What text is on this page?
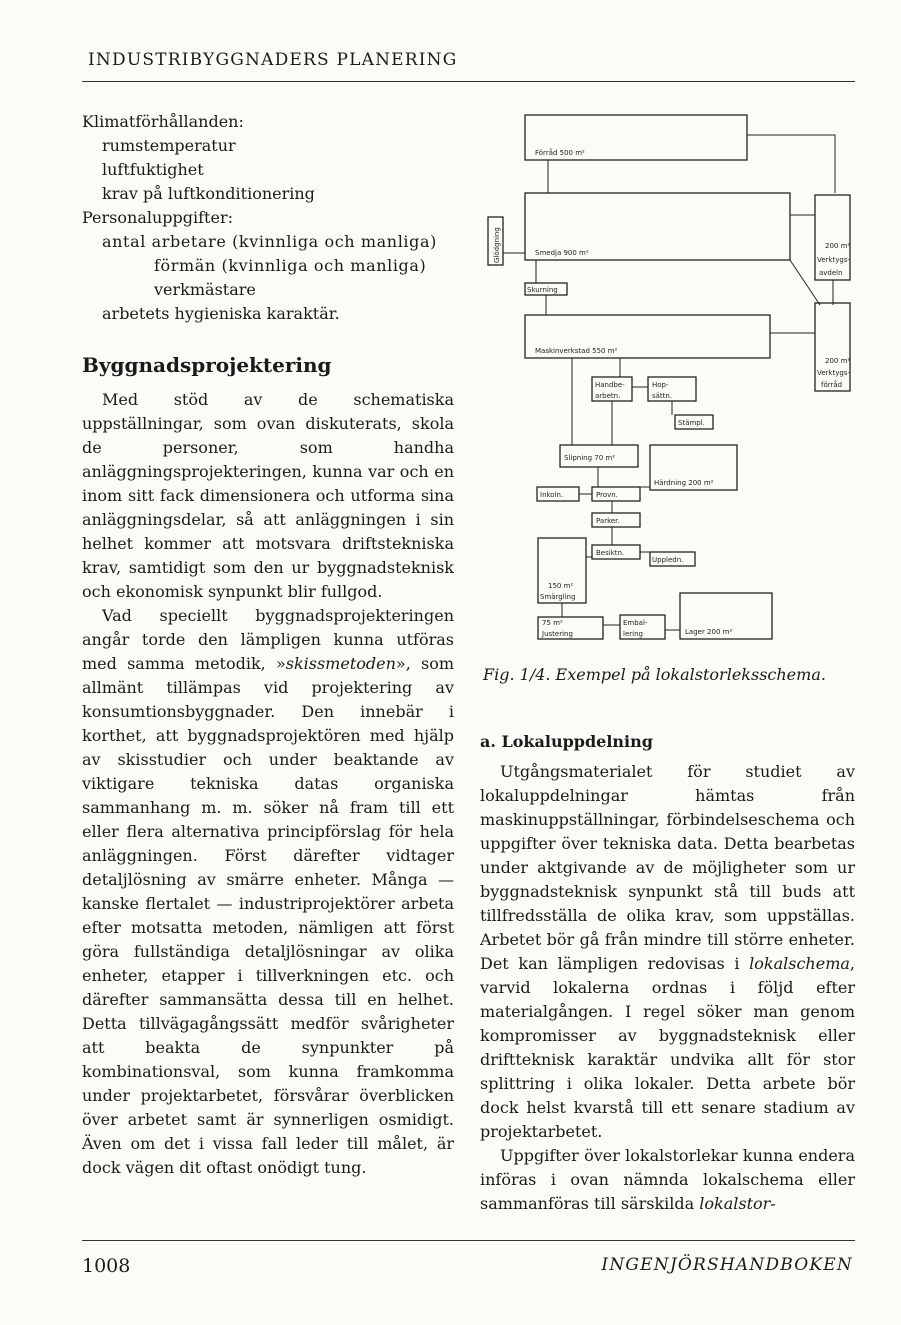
INDUSTRIBYGGNADERS PLANERING
Klimatförhållanden:
rumstemperatur
luftfuktighet
krav på luftkonditionering
Personaluppgifter:
antal arbetare (kvinnliga och manliga)
förmän (kvinnliga och manliga)
verkmästare
arbetets hygieniska karaktär.
Byggnadsprojektering

Med stöd av de schematiska uppställningar, som ovan diskuterats, skola de personer, som handha anläggningsprojekteringen, kunna var och en inom sitt fack dimensionera och utforma sina anläggningsdelar, så att anläggningen i sin helhet kommer att motsvara driftstekniska krav, samtidigt som den ur byggnadsteknisk och ekonomisk synpunkt blir fullgod.

Vad speciellt byggnadsprojekteringen angår torde den lämpligen kunna utföras med samma metodik, »skissmetoden», som allmänt tillämpas vid projektering av konsumtionsbyggnader. Den innebär i korthet, att byggnadsprojektören med hjälp av skisstudier och under beaktande av viktigare tekniska datas organiska sammanhang m. m. söker nå fram till ett eller flera alternativa principförslag för hela anläggningen. Först därefter vidtager detaljlösning av smärre enheter. Många — kanske flertalet — industriprojektörer arbeta efter motsatta metoden, nämligen att först göra fullständiga detaljlösningar av olika enheter, etapper i tillverkningen etc. och därefter sammansätta dessa till en helhet. Detta tillvägagångssätt medför svårigheter att beakta de synpunkter på kombinationsval, som kunna framkomma under projektarbetet, försvårar överblicken över arbetet samt är synnerligen osmidigt. Även om det i vissa fall leder till målet, är dock vägen dit oftast onödigt tung.

Förråd 500 m²
Glödgning	Smedja 900 m²
200 m²
Verktygs-
avdeln
Skurning
Maskinverkstad 550 m²
200 m²
Verktygs-
förråd
Handbe-
arbetn.
Hop-
sättn.
Stämpl.
Slipning 70 m²
Härdning 200 m²
Inkoln.	Provn.
Parker.
Besiktn.
Uppledn.
150 m²
Smärgling
75 m²
Justering
Embal-
lering	Lager 200 m²
Fig. 1/4. Exempel på lokalstorleksschema.
a. Lokaluppdelning

Utgångsmaterialet för studiet av lokaluppdelningar hämtas från maskinuppställningar, förbindelseschema och uppgifter över tekniska data. Detta bearbetas under aktgivande av de möjligheter som ur byggnadsteknisk synpunkt stå till buds att tillfredsställa de olika krav, som uppställas. Arbetet bör gå från mindre till större enheter. Det kan lämpligen redovisas i lokalschema, varvid lokalerna ordnas i följd efter materialgången. I regel söker man genom kompromisser av byggnadsteknisk eller driftteknisk karaktär undvika allt för stor splittring i olika lokaler. Detta arbete bör dock helst kvarstå till ett senare stadium av projektarbetet.

Uppgifter över lokalstorlekar kunna endera införas i ovan nämnda lokalschema eller sammanföras till särskilda lokalstor-

1008	INGENJÖRSHANDBOKEN
